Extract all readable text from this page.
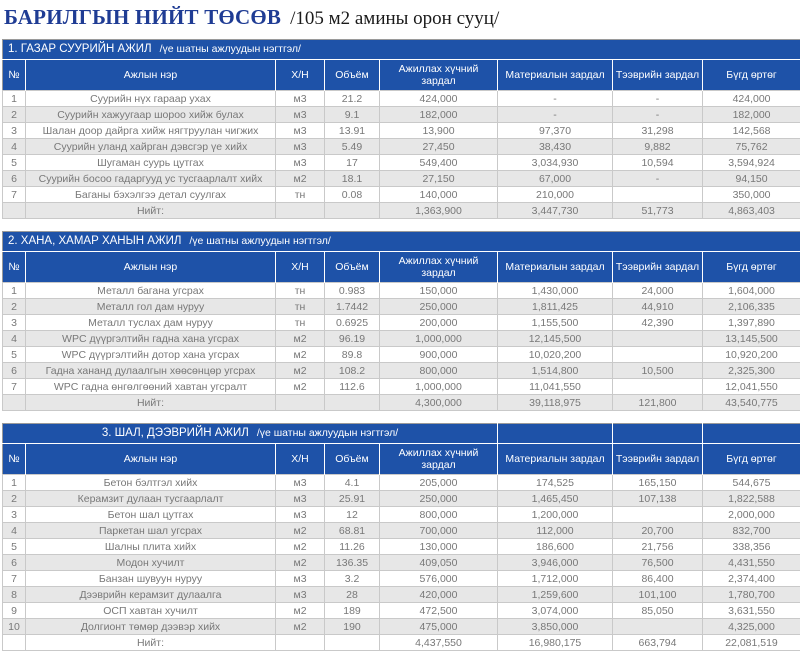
БАРИЛГЫН НИЙТ ТӨСӨВ /105 м2 амины орон сууц/
1. ГАЗАР СУУРИЙН АЖИЛ /үе шатны ажлуудын нэгтгэл/							
№	Ажлын нэр	Х/Н	Объём	Ажиллах хүчний зардал	Материалын зардал	Тээврийн зардал	Бүгд өртөг
1	Суурийн нүх гараар ухах	м3	21.2	424,000	-	-	424,000
2	Суурийн хажуугаар шороо хийж булах	м3	9.1	182,000	-	-	182,000
3	Шалан доор дайрга хийж нягтруулан чигжих	м3	13.91	13,900	97,370	31,298	142,568
4	Суурийн уланд хайрган дэвсгэр үе хийх	м3	5.49	27,450	38,430	9,882	75,762
5	Шугаман суурь цутгах	м3	17	549,400	3,034,930	10,594	3,594,924
6	Суурийн босоо гадаргууд ус тусгаарлалт хийх	м2	18.1	27,150	67,000	-	94,150
7	Баганы бэхэлгээ детал суулгах	тн	0.08	140,000	210,000		350,000
	Нийт:			1,363,900	3,447,730	51,773	4,863,403
2. ХАНА, ХАМАР ХАНЫН АЖИЛ /үе шатны ажлуудын нэгтгэл/							
№	Ажлын нэр	Х/Н	Объём	Ажиллах хүчний зардал	Материалын зардал	Тээврийн зардал	Бүгд өртөг
1	Металл багана угсрах	тн	0.983	150,000	1,430,000	24,000	1,604,000
2	Металл гол дам нуруу	тн	1.7442	250,000	1,811,425	44,910	2,106,335
3	Металл туслах дам нуруу	тн	0.6925	200,000	1,155,500	42,390	1,397,890
4	WPC дүүргэлтийн гадна хана угсрах	м2	96.19	1,000,000	12,145,500		13,145,500
5	WPC дүүргэлтийн дотор хана угсрах	м2	89.8	900,000	10,020,200		10,920,200
6	Гадна хананд дулаалгын хөөсөнцөр угсрах	м2	108.2	800,000	1,514,800	10,500	2,325,300
7	WPC гадна өнгөлгөөний хавтан угсралт	м2	112.6	1,000,000	11,041,550		12,041,550
	Нийт:			4,300,000	39,118,975	121,800	43,540,775
3. ШАЛ, ДЭЭВРИЙН АЖИЛ /үе шатны ажлуудын нэгтгэл/							
№	Ажлын нэр	Х/Н	Объём	Ажиллах хүчний зардал	Материалын зардал	Тээврийн зардал	Бүгд өртөг
1	Бетон бэлтгэл хийх	м3	4.1	205,000	174,525	165,150	544,675
2	Керамзит дулаан тусгаарлалт	м3	25.91	250,000	1,465,450	107,138	1,822,588
3	Бетон шал цутгах	м3	12	800,000	1,200,000		2,000,000
4	Паркетан шал угсрах	м2	68.81	700,000	112,000	20,700	832,700
5	Шалны плита хийх	м2	11.26	130,000	186,600	21,756	338,356
6	Модон хучилт	м2	136.35	409,050	3,946,000	76,500	4,431,550
7	Банзан шувуун нуруу	м3	3.2	576,000	1,712,000	86,400	2,374,400
8	Дээврийн керамзит дулаалга	м3	28	420,000	1,259,600	101,100	1,780,700
9	ОСП хавтан хучилт	м2	189	472,500	3,074,000	85,050	3,631,550
10	Долгионт төмөр дээвэр хийх	м2	190	475,000	3,850,000		4,325,000
	Нийт:			4,437,550	16,980,175	663,794	22,081,519
